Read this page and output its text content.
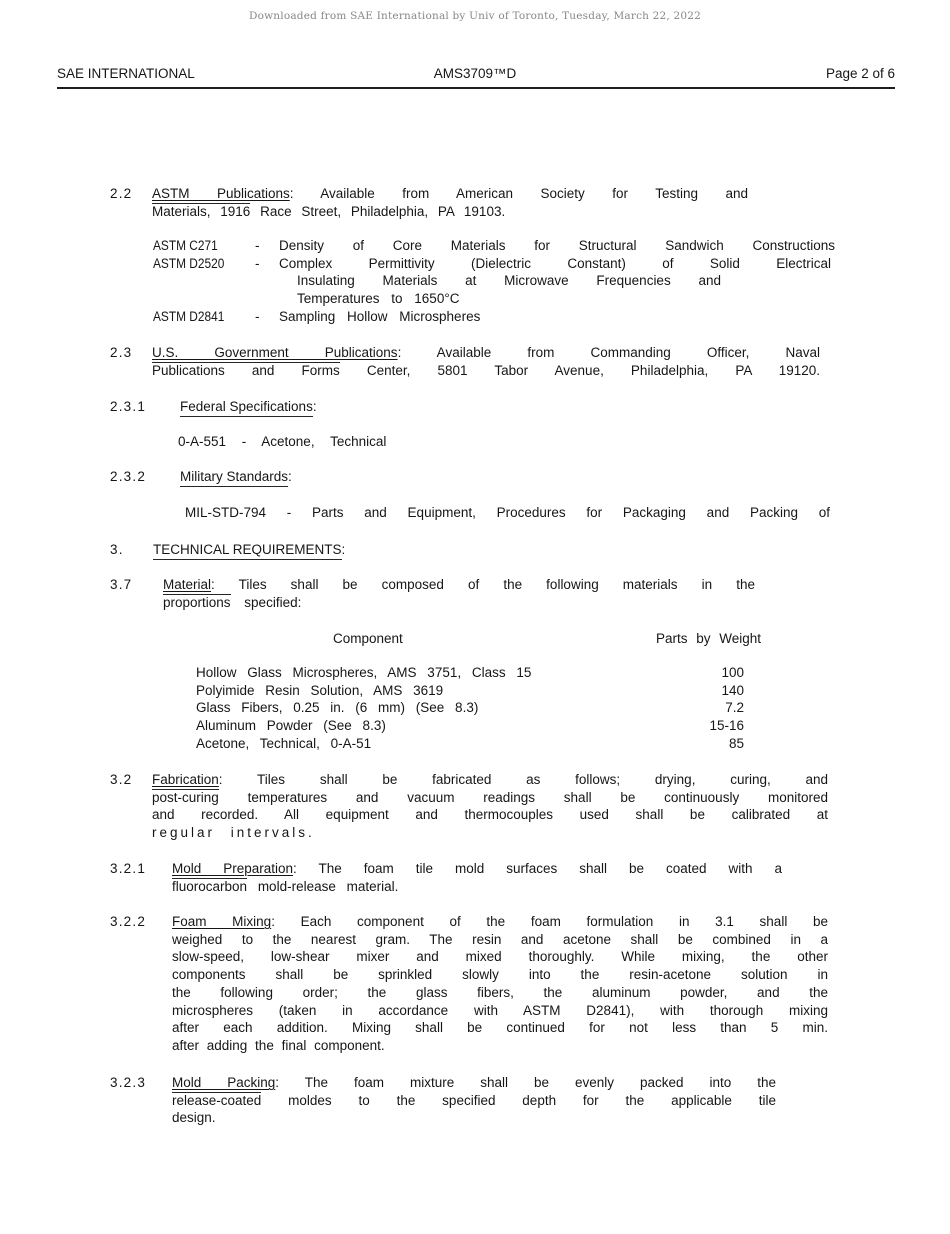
Downloaded from SAE International by Univ of Toronto, Tuesday, March 22, 2022
SAE INTERNATIONAL	AMS3709™D	Page 2 of 6
2.2 ASTM Publications: Available from American Society for Testing and
Materials, 1916 Race Street, Philadelphia, PA 19103.
ASTM C271	-	Density of Core Materials for Structural Sandwich Constructions
ASTM D2520	-	Complex Permittivity (Dielectric Constant) of Solid Electrical
Insulating Materials at Microwave Frequencies and
Temperatures to 1650°C
ASTM D2841	-	Sampling Hollow Microspheres
2.3 U.S. Government Publications: Available from Commanding Officer, Naval
Publications and Forms Center, 5801 Tabor Avenue, Philadelphia, PA 19120.
2.3.1	Federal Specifications:
0-A-551 - Acetone, Technical
2.3.2	Military Standards:
MIL-STD-794 - Parts and Equipment, Procedures for Packaging and Packing of
3. TECHNICAL REQUIREMENTS:
3.7 Material: Tiles shall be composed of the following materials in the
proportions specified:
Component	Parts by Weight
Hollow Glass Microspheres, AMS 3751, Class 15	100
Polyimide Resin Solution, AMS 3619	140
Glass Fibers, 0.25 in. (6 mm) (See 8.3)	7.2
Aluminum Powder (See 8.3)	15-16
Acetone, Technical, 0-A-51	85
3.2 Fabrication: Tiles shall be fabricated as follows; drying, curing, and
post-curing temperatures and vacuum readings shall be continuously monitored
and recorded. All equipment and thermocouples used shall be calibrated at
regular intervals.
3.2.1 Mold Preparation: The foam tile mold surfaces shall be coated with a
fluorocarbon mold-release material.
3.2.2 Foam Mixing: Each component of the foam formulation in 3.1 shall be
weighed to the nearest gram. The resin and acetone shall be combined in a
slow-speed, low-shear mixer and mixed thoroughly. While mixing, the other
components shall be sprinkled slowly into the resin-acetone solution in
the following order; the glass fibers, the aluminum powder, and the
microspheres (taken in accordance with ASTM D2841), with thorough mixing
after each addition. Mixing shall be continued for not less than 5 min.
after adding the final component.
3.2.3 Mold Packing: The foam mixture shall be evenly packed into the
release-coated moldes to the specified depth for the applicable tile
design.
